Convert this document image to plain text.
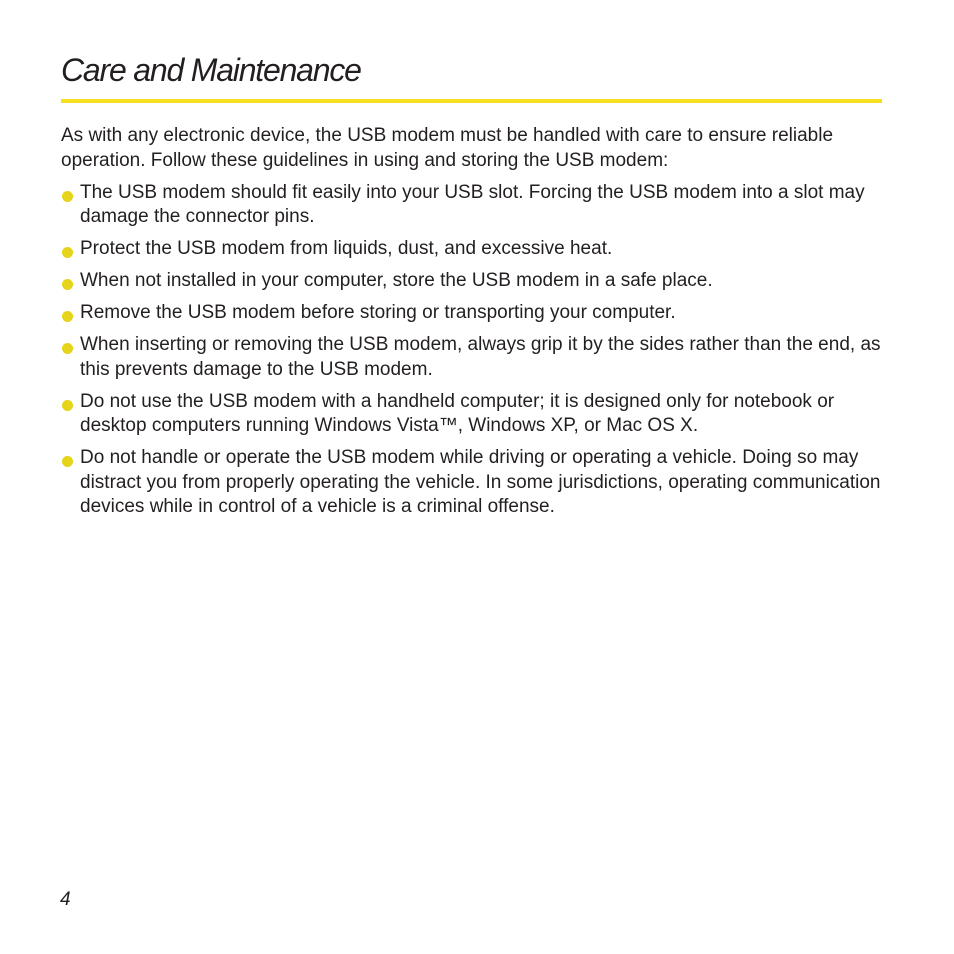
Care and Maintenance

As with any electronic device, the USB modem must be handled with care to ensure reliable operation. Follow these guidelines in using and storing the USB modem:

The USB modem should fit easily into your USB slot. Forcing the USB modem into a slot may damage the connector pins.
Protect the USB modem from liquids, dust, and excessive heat.
When not installed in your computer, store the USB modem in a safe place.
Remove the USB modem before storing or transporting your computer.
When inserting or removing the USB modem, always grip it by the sides rather than the end, as this prevents damage to the USB modem.
Do not use the USB modem with a handheld computer; it is designed only for notebook or desktop computers running Windows Vista™, Windows XP, or Mac OS X.
Do not handle or operate the USB modem while driving or operating a vehicle. Doing so may distract you from properly operating the vehicle. In some jurisdictions, operating communication devices while in control of a vehicle is a criminal offense.
4
